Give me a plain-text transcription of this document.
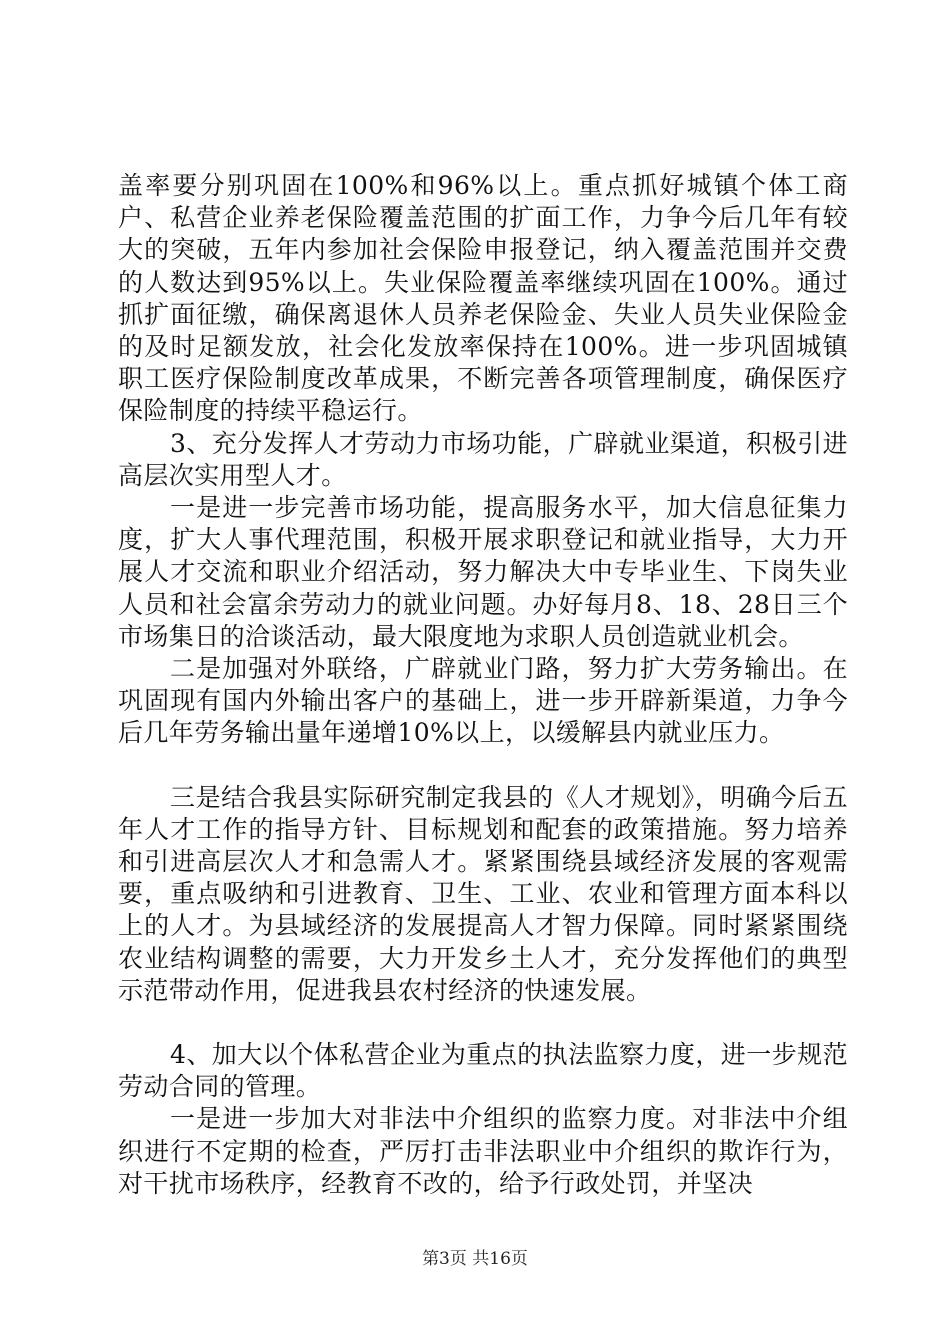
盖率要分别巩固在100%和96%以上。重点抓好城镇个体工商户、私营企业养老保险覆盖范围的扩面工作，力争今后几年有较大的突破，五年内参加社会保险申报登记，纳入覆盖范围并交费的人数达到95%以上。失业保险覆盖率继续巩固在100%。通过抓扩面征缴，确保离退休人员养老保险金、失业人员失业保险金的及时足额发放，社会化发放率保持在100%。进一步巩固城镇职工医疗保险制度改革成果，不断完善各项管理制度，确保医疗保险制度的持续平稳运行。

3、充分发挥人才劳动力市场功能，广辟就业渠道，积极引进高层次实用型人才。

一是进一步完善市场功能，提高服务水平，加大信息征集力度，扩大人事代理范围，积极开展求职登记和就业指导，大力开展人才交流和职业介绍活动，努力解决大中专毕业生、下岗失业人员和社会富余劳动力的就业问题。办好每月8、18、28日三个市场集日的洽谈活动，最大限度地为求职人员创造就业机会。

二是加强对外联络，广辟就业门路，努力扩大劳务输出。在巩固现有国内外输出客户的基础上，进一步开辟新渠道，力争今后几年劳务输出量年递增10%以上，以缓解县内就业压力。

三是结合我县实际研究制定我县的《人才规划》，明确今后五年人才工作的指导方针、目标规划和配套的政策措施。努力培养和引进高层次人才和急需人才。紧紧围绕县域经济发展的客观需要，重点吸纳和引进教育、卫生、工业、农业和管理方面本科以上的人才。为县域经济的发展提高人才智力保障。同时紧紧围绕农业结构调整的需要，大力开发乡土人才，充分发挥他们的典型示范带动作用，促进我县农村经济的快速发展。

4、加大以个体私营企业为重点的执法监察力度，进一步规范劳动合同的管理。

一是进一步加大对非法中介组织的监察力度。对非法中介组织进行不定期的检查，严厉打击非法职业中介组织的欺诈行为，对干扰市场秩序，经教育不改的，给予行政处罚，并坚决

第3页 共16页
